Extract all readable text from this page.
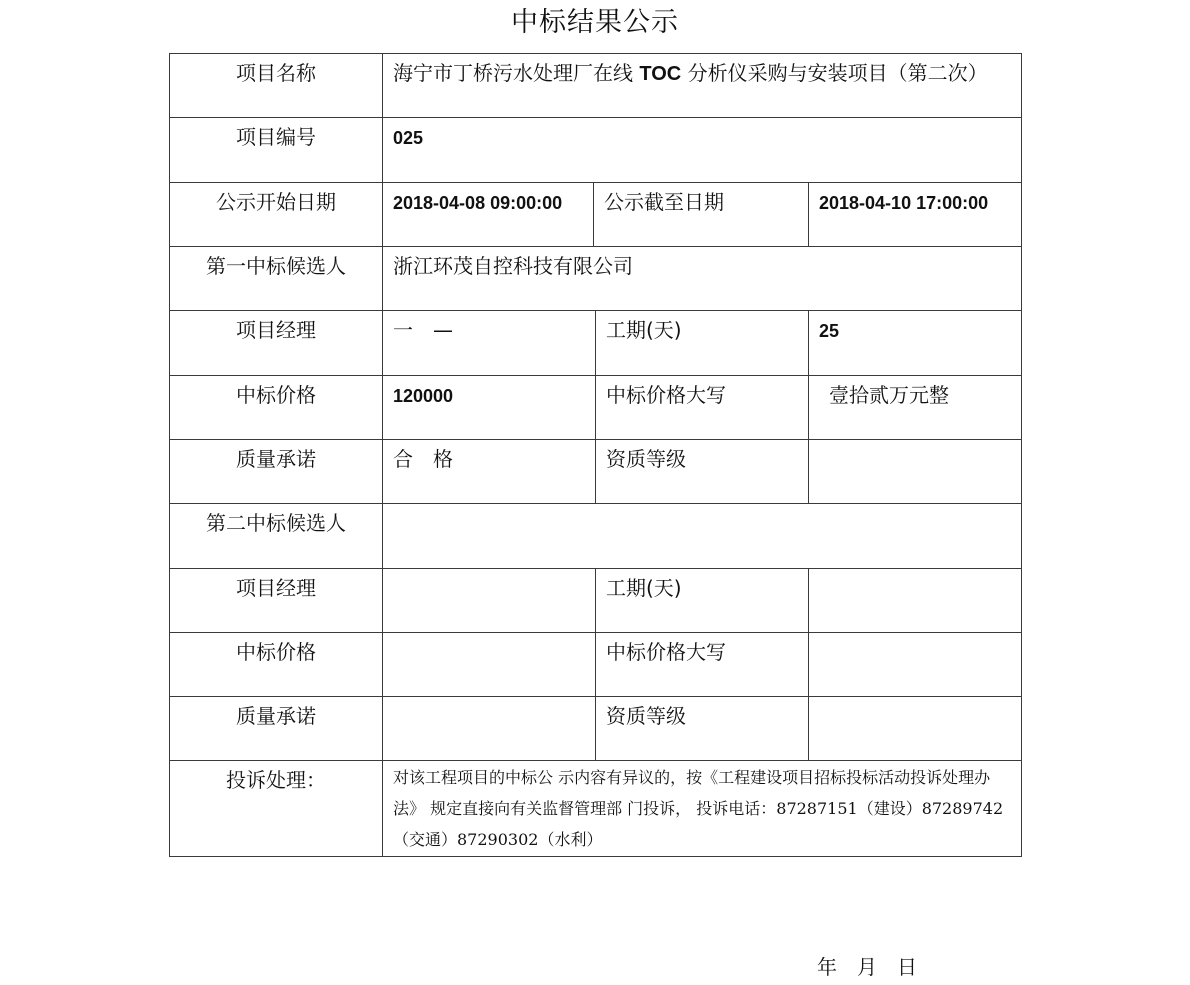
中标结果公示
项目名称	海宁市丁桥污水处理厂在线 TOC 分析仪采购与安装项目（第二次）			
项目编号	025			
公示开始日期	2018-04-08 09:00:00	公示截至日期		2018-04-10 17:00:00
第一中标候选人	浙江环茂自控科技有限公司			
项目经理	一　—		工期(天)	25
中标价格	120000		中标价格大写	壹拾贰万元整
质量承诺	合　格		资质等级	
第二中标候选人				
项目经理			工期(天)	
中标价格			中标价格大写	
质量承诺			资质等级	
投诉处理：	对该工程项目的中标公 示内容有异议的，按《工程建设项目招标投标活动投诉处理办法》 规定直接向有关监督管理部 门投诉， 投诉电话：87287151（建设）87289742（交通）87290302（水利）			
年　月　日
